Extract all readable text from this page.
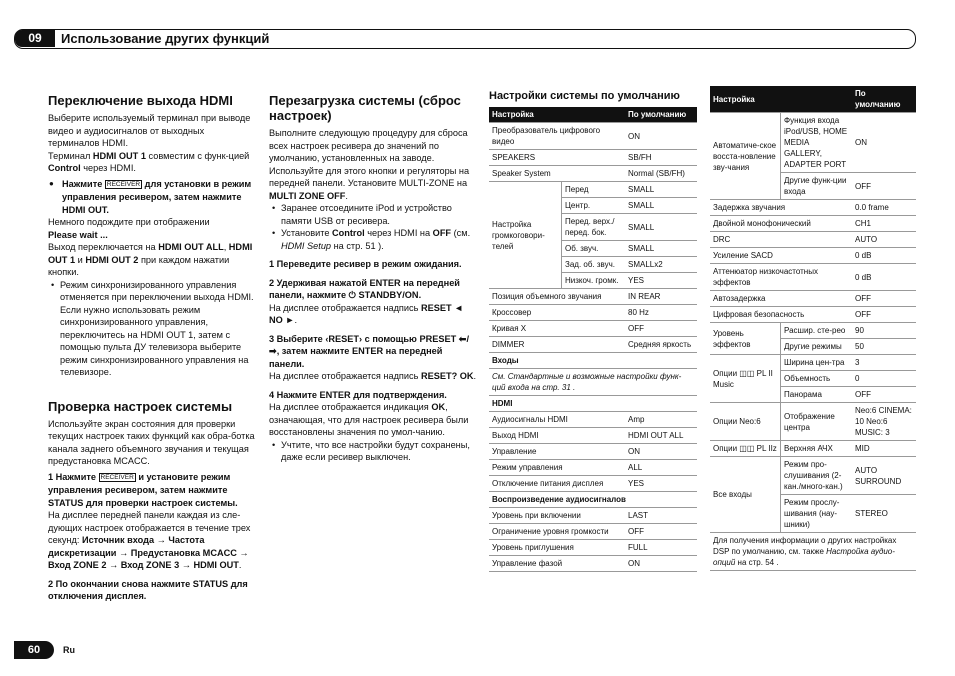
09	Использование других функций
Переключение выхода HDMI

Выберите используемый терминал при выводе видео и аудиосигналов от выходных терминалов HDMI.

Терминал HDMI OUT 1 совместим с функ-цией Control через HDMI.

● Нажмите RECEIVER для установки в режим управления ресивером, затем нажмите HDMI OUT.

Немного подождите при отображении

Please wait ...

Выход переключается на HDMI OUT ALL, HDMI OUT 1 и HDMI OUT 2 при каждом нажатии кнопки.

• Режим синхронизированного управления отменяется при переключении выхода HDMI. Если нужно использовать режим синхронизированного управления, переключитесь на HDMI OUT 1, затем с помощью пульта ДУ телевизора выберите режим синхронизированного управления на телевизоре.

Проверка настроек системы

Используйте экран состояния для проверки текущих настроек таких функций как обра-ботка канала заднего объемного звучания и текущая предустановка MCACC.

1 Нажмите RECEIVER и установите режим управления ресивером, затем нажмите STATUS для проверки настроек системы.

На дисплее передней панели каждая из сле-дующих настроек отображается в течение трех секунд: Источник входа → Частота дискретизации → Предустановка MCACC → Вход ZONE 2 → Вход ZONE 3 → HDMI OUT.

2 По окончании снова нажмите STATUS для отключения дисплея.

Перезагрузка системы (сброс настроек)

Выполните следующую процедуру для сброса всех настроек ресивера до значений по умолчанию, установленных на заводе. Используйте для этого кнопки и регуляторы на передней панели. Установите MULTI-ZONE на MULTI ZONE OFF.

• Заранее отсоедините iPod и устройство памяти USB от ресивера.

• Установите Control через HDMI на OFF (см. HDMI Setup на стр. 51 ).

1 Переведите ресивер в режим ожидания.

2 Удерживая нажатой ENTER на передней панели, нажмите ⏻ STANDBY/ON.

На дисплее отображается надпись RESET ◄ NO ►.

3 Выберите ‹RESET› с помощью PRESET ⬅/➡, затем нажмите ENTER на передней панели.

На дисплее отображается надпись RESET? OK.

4 Нажмите ENTER для подтверждения.

На дисплее отображается индикация OK, означающая, что для настроек ресивера были восстановлены значения по умол-чанию.

• Учтите, что все настройки будут сохранены, даже если ресивер выключен.

Настройки системы по умолчанию
Настройка		По умолчанию
Преобразователь цифрового видео		ON
SPEAKERS		SB/FH
Speaker System		Normal (SB/FH)
Настройка громкоговори-телей	Перед	SMALL
	Центр.	SMALL
	Перед. верх./перед. бок.	SMALL
	Об. звуч.	SMALL
	Зад. об. звуч.	SMALLx2
	Низкоч. громк.	YES
Позиция объемного звучания		IN REAR
Кроссовер		80 Hz
Кривая X		OFF
DIMMER		Средняя яркость
Входы		
См. Стандартные и возможные настройки функ-ций входа на стр. 31 .		
HDMI		
Аудиосигналы HDMI		Amp
Выход HDMI		HDMI OUT ALL
Управление		ON
Режим управления		ALL
Отключение питания дисплея		YES
Воспроизведение аудиосигналов		
Уровень при включении		LAST
Ограничение уровня громкости		OFF
Уровень приглушения		FULL
Управление фазой		ON
Настройка		По умолчанию
Автоматиче-ское восста-новление зву-чания	Функция входа iPod/USB, HOME MEDIA GALLERY, ADAPTER PORT	ON
	Другие функ-ции входа	OFF
Задержка звучания		0.0 frame
Двойной монофонический		CH1
DRC		AUTO
Усиление SACD		0 dB
Аттенюатор низкочастотных эффектов		0 dB
Автозадержка		OFF
Цифровая безопасность		OFF
Уровень эффектов	Расшир. сте-рео	90
	Другие режимы	50
Опции ◫◫ PL II Music	Ширина цен-тра	3
	Объемность	0
	Панорама	OFF
Опции Neo:6	Отображение центра	Neo:6 CINEMA: 10 Neo:6 MUSIC: 3
Опции ◫◫ PL IIz	Верхняя АЧХ	MID
Все входы	Режим про-слушивания (2-кан./много-кан.)	AUTO SURROUND
	Режим прослу-шивания (нау-шники)	STEREO
Для получения информации о других настройках DSP по умолчанию, см. также Настройка аудио-опций на стр. 54 .		
60	Ru
